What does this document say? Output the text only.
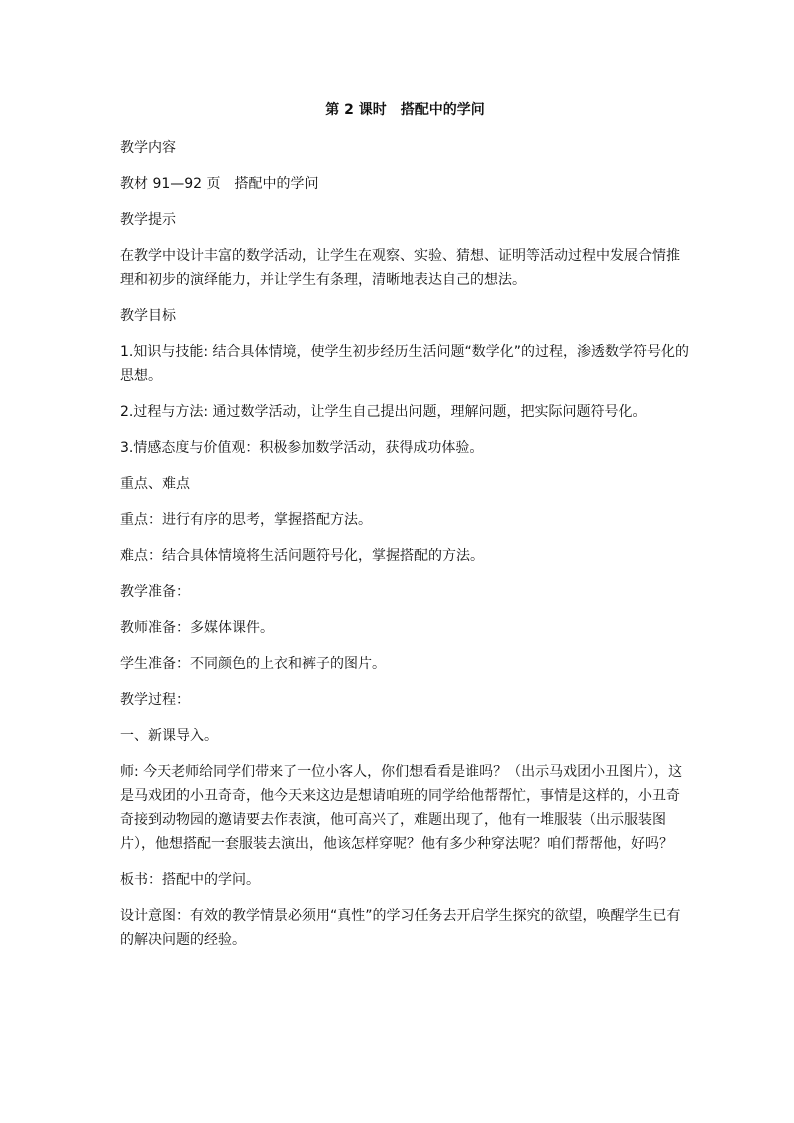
第 2 课时　搭配中的学问

教学内容

教材 91—92 页　搭配中的学问

教学提示

在教学中设计丰富的数学活动，让学生在观察、实验、猜想、证明等活动过程中发展合情推理和初步的演绎能力，并让学生有条理，清晰地表达自己的想法。

教学目标

1.知识与技能: 结合具体情境，使学生初步经历生活问题“数学化”的过程，渗透数学符号化的思想。

2.过程与方法: 通过数学活动，让学生自己提出问题，理解问题，把实际问题符号化。

3.情感态度与价值观：积极参加数学活动，获得成功体验。

重点、难点

重点：进行有序的思考，掌握搭配方法。

难点：结合具体情境将生活问题符号化，掌握搭配的方法。

教学准备：

教师准备：多媒体课件。

学生准备：不同颜色的上衣和裤子的图片。

教学过程：

一、新课导入。

师: 今天老师给同学们带来了一位小客人，你们想看看是谁吗？（出示马戏团小丑图片），这是马戏团的小丑奇奇，他今天来这边是想请咱班的同学给他帮帮忙，事情是这样的，小丑奇奇接到动物园的邀请要去作表演，他可高兴了，难题出现了，他有一堆服装（出示服装图片），他想搭配一套服装去演出，他该怎样穿呢？他有多少种穿法呢？咱们帮帮他，好吗？

板书：搭配中的学问。

设计意图：有效的教学情景必须用“真性”的学习任务去开启学生探究的欲望，唤醒学生已有的解决问题的经验。
